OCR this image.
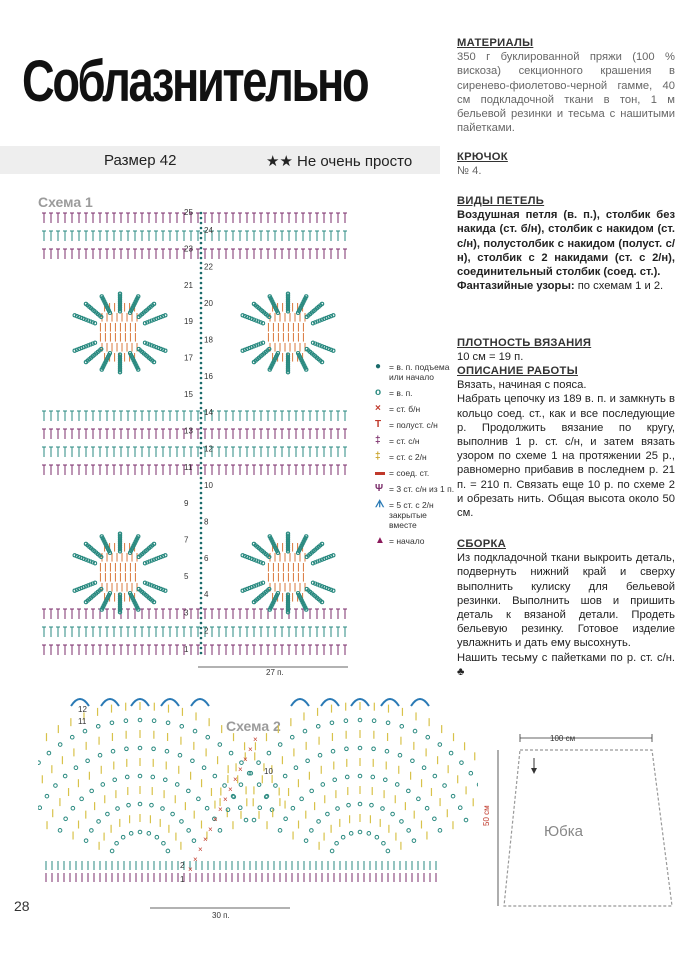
Соблазнительно
Размер 42	★★ Не очень просто
МАТЕРИАЛЫ
350 г буклированной пряжи (100 % вискоза) секционного крашения в сиренево-фиолетово-черной гамме, 40 см подкладочной ткани в тон, 1 м бельевой резинки и тесьма с нашитыми пайетками.
КРЮЧОК
№ 4.
ВИДЫ ПЕТЕЛЬ
Воздушная петля (в. п.), столбик без накида (ст. б/н), столбик с накидом (ст. с/н), полустолбик с накидом (полуст. с/н), столбик с 2 накидами (ст. с 2/н), соединительный столбик (соед. ст.).
Фантазийные узоры: по схемам 1 и 2.
ПЛОТНОСТЬ ВЯЗАНИЯ
10 см = 19 п.
ОПИСАНИЕ РАБОТЫ
Вязать, начиная с пояса.
Набрать цепочку из 189 в. п. и замкнуть в кольцо соед. ст., как и все последующие р. Продолжить вязание по кругу, выполнив 1 р. ст. с/н, и затем вязать узором по схеме 1 на протяжении 25 р., равномерно прибавив в последнем р. 21 п. = 210 п. Связать еще 10 р. по схеме 2 и обрезать нить. Общая высота около 50 см.
СБОРКА
Из подкладочной ткани выкроить деталь, подвернуть нижний край и сверху выполнить кулиску для бельевой резинки. Выполнить шов и пришить деталь к вязаной детали. Продеть бельевую резинку. Готовое изделие увлажнить и дать ему высохнуть.
Нашить тесьму с пайетками по р. ст. с/н. ♣
Схема 1
25
24
23
22
21
20
19
18
17
16
15
14
13
12
11
10
9
8
7
6
5
4
3
2
1
27 п.
● = в. п. подъема или начало
o = в. п.
× = ст. б/н
T = полуст. с/н
‡ = ст. с/н
‡ = ст. с 2/н
▬ = соед. ст.
Ψ = 3 ст. с/н из 1 п.
ᗑ = 5 ст. с 2/н закрытые вместе
▲ = начало
Схема 2
×
×
×
×
×
×
×
×
×
×
×
×
×
×
12
11
10
2
1
30 п.
100 см
50 см
Юбка
28
